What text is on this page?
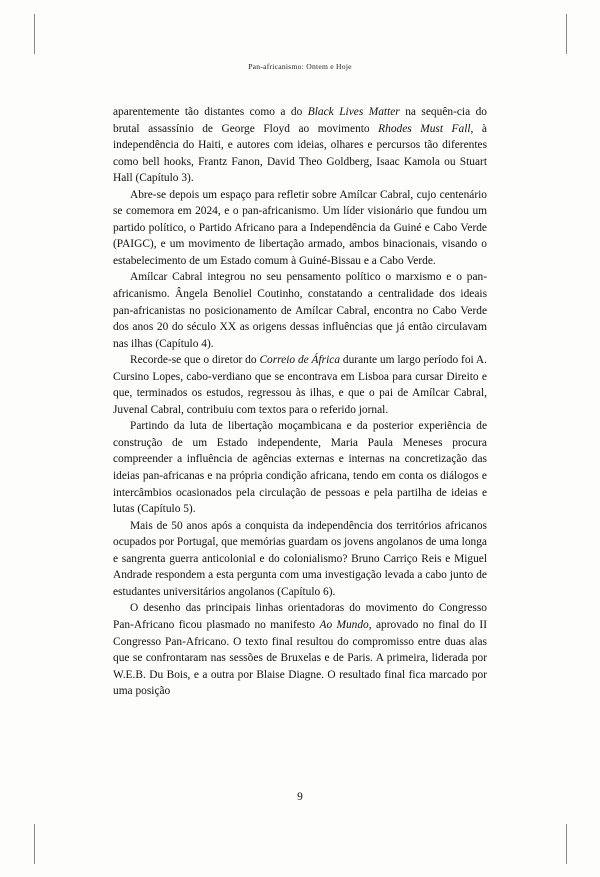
Pan-africanismo: Ontem e Hoje

aparentemente tão distantes como a do Black Lives Matter na sequên-cia do brutal assassínio de George Floyd ao movimento Rhodes Must Fall, à independência do Haiti, e autores com ideias, olhares e percursos tão diferentes como bell hooks, Frantz Fanon, David Theo Goldberg, Isaac Kamola ou Stuart Hall (Capítulo 3).

Abre-se depois um espaço para refletir sobre Amílcar Cabral, cujo centenário se comemora em 2024, e o pan-africanismo. Um líder visionário que fundou um partido político, o Partido Africano para a Independência da Guiné e Cabo Verde (PAIGC), e um movimento de libertação armado, ambos binacionais, visando o estabelecimento de um Estado comum à Guiné-Bissau e a Cabo Verde.

Amílcar Cabral integrou no seu pensamento político o marxismo e o pan-africanismo. Ângela Benoliel Coutinho, constatando a centralidade dos ideais pan-africanistas no posicionamento de Amílcar Cabral, encontra no Cabo Verde dos anos 20 do século XX as origens dessas influências que já então circulavam nas ilhas (Capítulo 4).

Recorde-se que o diretor do Correio de África durante um largo período foi A. Cursino Lopes, cabo-verdiano que se encontrava em Lisboa para cursar Direito e que, terminados os estudos, regressou às ilhas, e que o pai de Amílcar Cabral, Juvenal Cabral, contribuiu com textos para o referido jornal.

Partindo da luta de libertação moçambicana e da posterior experiência de construção de um Estado independente, Maria Paula Meneses procura compreender a influência de agências externas e internas na concretização das ideias pan-africanas e na própria condição africana, tendo em conta os diálogos e intercâmbios ocasionados pela circulação de pessoas e pela partilha de ideias e lutas (Capítulo 5).

Mais de 50 anos após a conquista da independência dos territórios africanos ocupados por Portugal, que memórias guardam os jovens angolanos de uma longa e sangrenta guerra anticolonial e do colonialismo? Bruno Carriço Reis e Miguel Andrade respondem a esta pergunta com uma investigação levada a cabo junto de estudantes universitários angolanos (Capítulo 6).

O desenho das principais linhas orientadoras do movimento do Congresso Pan-Africano ficou plasmado no manifesto Ao Mundo, aprovado no final do II Congresso Pan-Africano. O texto final resultou do compromisso entre duas alas que se confrontaram nas sessões de Bruxelas e de Paris. A primeira, liderada por W.E.B. Du Bois, e a outra por Blaise Diagne. O resultado final fica marcado por uma posição

9
